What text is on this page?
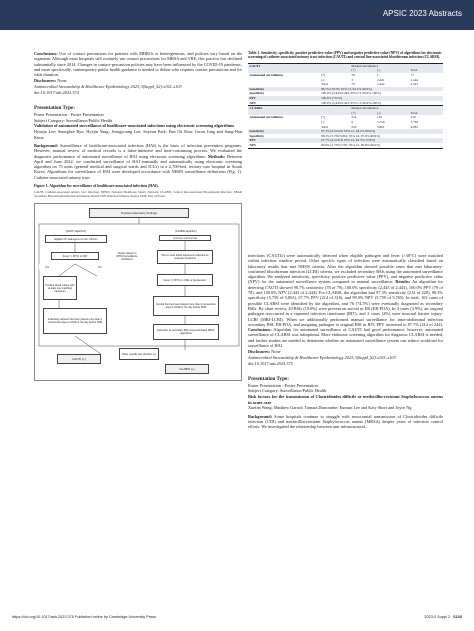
APSIC 2023 Abstracts

Conclusions: Use of contact precautions for patients with MDROs is heterogeneous, and policies vary based on the organism. Although most hospitals still routinely use contact precautions for MRSA and VRE, this practice has declined substantially since 2014. Changes in contact-precaution policies may have been influenced by the COVID-19 pandemic, and more specifically, contemporary public health guidance is needed to define who requires contact precautions and for what duration.

Disclosures: None

Antimicrobial Stewardship & Healthcare Epidemiology 2023;3(Suppl_S2):s102–s103

doi:10.1017/ash.2023.374

Presentation Type:

Poster Presentation - Poster Presentation

Subject Category: Surveillance/Public Health

Validation of automated surveillance of healthcare-associated infections using electronic screening algorithms

Hyunju Lee; Seunghee Ryu; Hyejin Yang; Jeongyoung Lee; Soyeon Park; Eun Ok Kim; Jiwon Jung and Sung-Han Kima

Background: Surveillance of healthcare-associated infection (HAI) is the basis of infection prevention programs. However, manual review of medical records is a labor-intensive and time-consuming process. We evaluated the diagnostic performance of automated surveillance of HAI using electronic screening algorithms. Methods: Between April and June 2022, we conducted surveillance of HAI manually and automatically using electronic screening algorithm on 75 units (general medical and surgical wards and ICUs) in a 2,700-bed, tertiary-care hospital in South Korea. Algorithms for surveillance of HAI were developed accordance with NHSN surveillance definitions (Fig. 1). Catheter-associated urinary tract

Figure 1. Algorithm for surveillance of healthcare-associated infection (HAI).

CAUTI, Catheter-associated urinary tract infection; NHSN, National Healthcare Safety Network; CLABSI, Central line-associated Bloodstream Infection; SBAP, Secondary Bloodstream Infection Attribution Period; IWP, Infection Window Period; DOE, Day of Event.

Positive laboratory findings
[CAUTI algorithm]
Eligible UTI pathogens of ≥10⁵ CFU/ml
Fever (> 38°C) in IWP
Yes	No
Positive blood culture with at least one matching bacterium
Indwelling catheter had been placed more than 2 consecutive days on DOE or the day before DOE
Clearly based on NHSN surveillance definitions
[CLABSI algorithm]
Common commensal
Two or more blood specimens collected on separate occasions
Fever (> 38°C) or chills or hypotension
Central line had been placed more than 2 consecutive days on DOE or the day before DOE
Exclusion of secondary BSI using automated SBAP algorithms
Other specific site infection (+)
CAUTI (+)
CLABSI (+)

Table 1. Sensitivity, specificity, positive predictive value (PPV) and negative predictive value (NPV) of algorithms for electronic screening of catheter-associated urinary tract infection (CAUTI) and central line-associated bloodstream infection (CLABSI).

CAUTI		Manual surveillance		
		(+)	(-)	Total
Automated surveillance	(+)	76	1	77
	(-)	3	2,441	2,444
	Total	79	2,442	2,521
Sensitivity	98.7% (79/79; 95% CI, 93.2%-99.9%)			
Specificity	100.0% (2,443/2,443; 95% CI, 99.9%-100%)			
PPV	100.0% (79/79)			
NPV	100.0% (2,443/2,443; 95% CI, 99.9%-100%)			
CLABSI		Manual surveillance		
		(+)	(-)	Total
Automated surveillance	(+)	214	102	316
	(-)	6	5,759	5,765
	Total	220	5,861	6,081
Sensitivity	97.3% (214/220; 95% CI, 94.2%-98.9%)			
Specificity	98.3% (5,759/5,861; 95% CI, 97.9%-98.6%)			
PPV	67.7% (214/316; 95% CI, 62.3%-72.8%)			
NPV	99.9% (5,759/5,765; 95% CI, 99.8%-99.9%)			

infections (CAUTIs) were automatically detected when eligible pathogen and fever (>38°C) were matched within infection window period. Other specific types of infection were automatically classified based on laboratory results that met NHSN criteria. After the algorithm showed possible cases that met laboratory-confirmed bloodstream infection (LCBI) criteria, we excluded secondary BSIs using the automated surveillance algorithm. We analyzed sensitivity, specificity, positive predictive value (PPV), and negative predictive value (NPV) for the automated surveillance system compared to manual surveillance. Results: An algorithm for detecting CAUTI showed 98.7% sensitivity (78 of 79), 100.0% specificity (2,443 of 2,443), 100.0% PPV (78 of 78), and 100.0% NPV (2,443 of 2,444). For CLABSI, the algorithm had 97.3% sensitivity (214 of 220), 98.3% specificity (5,759 of 5,861), 67.7% PPV (214 of 316), and 99.9% NPV (5,759 of 5,765). In total, 102 cases of possible CLABSI were identified by the algorithm, and 76 (74.5%) were eventually diagnosed as secondary BSIs. By chart review, 20 BSIs (19.6%) were prevent on arrival in ER (ER-POA). In 4 cases (3.9%), an original pathogen reoccurred in a repeated infection timeframe (RIT), and 2 cases (2%) were mucosal barrier injury-LCBI (MBI-LCBI). When we additionally performed manual surveillance for intra-abdominal infection secondary BSI, ER-POA, and assigning pathogen to original BSI in RIT, PPV increased to 87.7% (214 of 244). Conclusions: Algorithm for automated surveillance of CAUTI had good performance; however, automated surveillance of CLABSI was suboptimal. More elaborate screening algorithm for diagnosis CLABSI is needed, and further studies are needed to determine whether an automated surveillance system can reduce workload for surveillance of HAI.

Disclosures: None

Antimicrobial Stewardship & Healthcare Epidemiology 2023;3(Suppl_S2):s103–s103

doi:10.1017/ash.2023.375

Presentation Type:

Poster Presentation - Poster Presentation

Subject Category: Surveillance/Public Health

Risk factors for the transmission of Clostridioides difficile or methicillin-resistant Staphylococcus aureus in acute care

Xuefan Wang; Matthew Garrod; Tamara Duncombe; Eunsun Lee and Katy Short and Joyce Ng

Background: Some hospitals continue to struggle with nosocomial transmission of Clostridioides difficile infection (CDI) and methicillin-resistant Staphylococcus aureus (MRSA) despite years of infection control efforts. We investigated the relationship between unit infrastructural–

https://doi.org/10.1017/ash.2023.375 Published online by Cambridge University Press	2023;3 Suppl 2 S103
